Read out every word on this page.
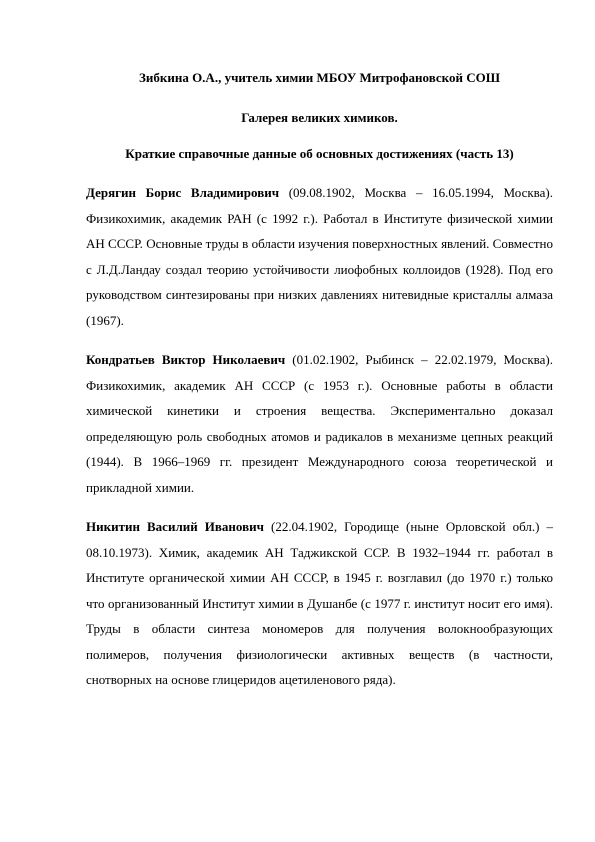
Зибкина О.А., учитель химии МБОУ Митрофановской СОШ

Галерея великих химиков.

Краткие справочные данные об основных достижениях (часть 13)

Дерягин Борис Владимирович (09.08.1902, Москва – 16.05.1994, Москва). Физикохимик, академик РАН (с 1992 г.). Работал в Институте физической химии АН СССР. Основные труды в области изучения поверхностных явлений. Совместно с Л.Д.Ландау создал теорию устойчивости лиофобных коллоидов (1928). Под его руководством синтезированы при низких давлениях нитевидные кристаллы алмаза (1967).

Кондратьев Виктор Николаевич (01.02.1902, Рыбинск – 22.02.1979, Москва). Физикохимик, академик АН СССР (с 1953 г.). Основные работы в области химической кинетики и строения вещества. Экспериментально доказал определяющую роль свободных атомов и радикалов в механизме цепных реакций (1944). В 1966–1969 гг. президент Международного союза теоретической и прикладной химии.

Никитин Василий Иванович (22.04.1902, Городище (ныне Орловской обл.) – 08.10.1973). Химик, академик АН Таджикской ССР. В 1932–1944 гг. работал в Институте органической химии АН СССР, в 1945 г. возглавил (до 1970 г.) только что организованный Институт химии в Душанбе (с 1977 г. институт носит его имя). Труды в области синтеза мономеров для получения волокнообразующих полимеров, получения физиологически активных веществ (в частности, снотворных на основе глицеридов ацетиленового ряда).
